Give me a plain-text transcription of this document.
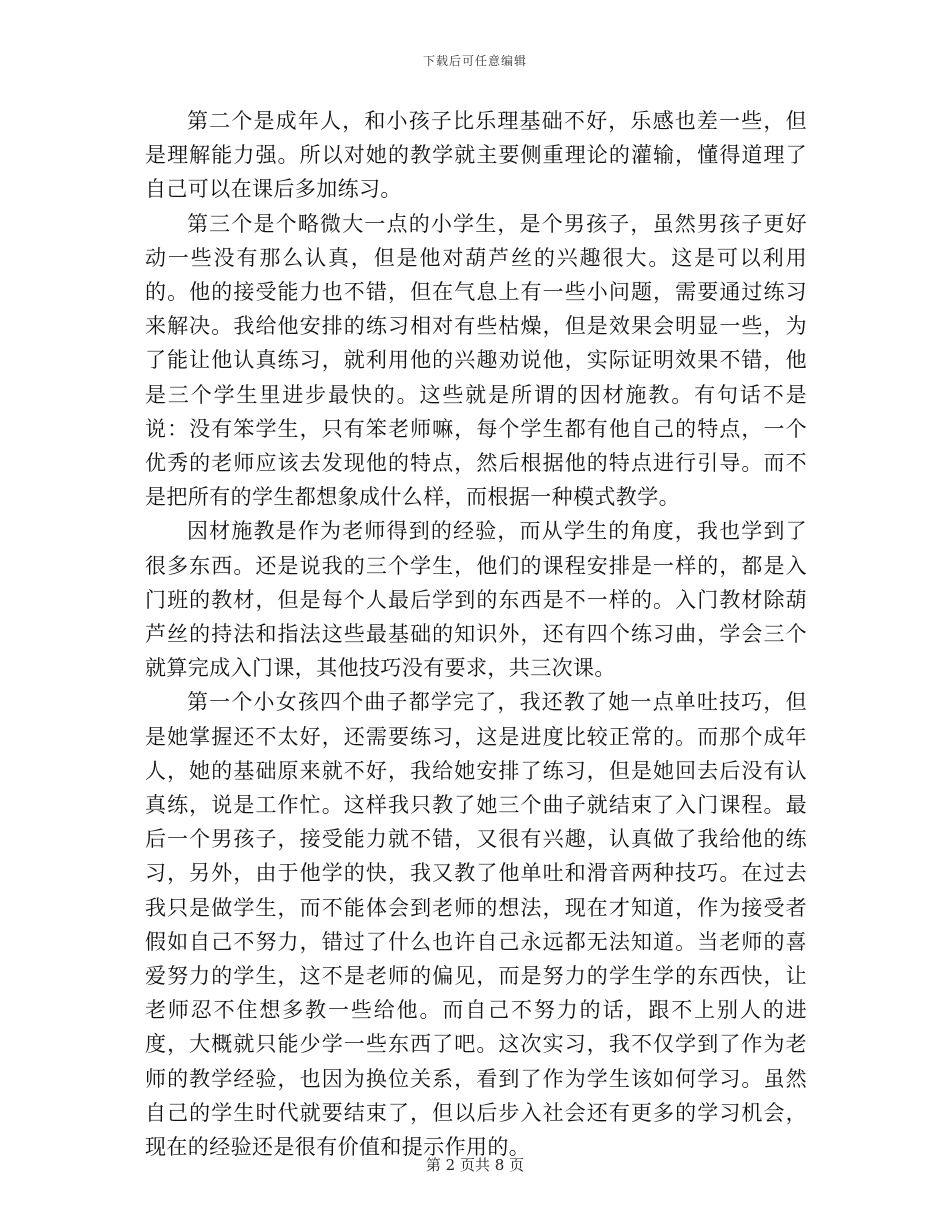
下载后可任意编辑

第二个是成年人，和小孩子比乐理基础不好，乐感也差一些，但是理解能力强。所以对她的教学就主要侧重理论的灌输，懂得道理了自己可以在课后多加练习。

第三个是个略微大一点的小学生，是个男孩子，虽然男孩子更好动一些没有那么认真，但是他对葫芦丝的兴趣很大。这是可以利用的。他的接受能力也不错，但在气息上有一些小问题，需要通过练习来解决。我给他安排的练习相对有些枯燥，但是效果会明显一些，为了能让他认真练习，就利用他的兴趣劝说他，实际证明效果不错，他是三个学生里进步最快的。这些就是所谓的因材施教。有句话不是说：没有笨学生，只有笨老师嘛，每个学生都有他自己的特点，一个优秀的老师应该去发现他的特点，然后根据他的特点进行引导。而不是把所有的学生都想象成什么样，而根据一种模式教学。

因材施教是作为老师得到的经验，而从学生的角度，我也学到了很多东西。还是说我的三个学生，他们的课程安排是一样的，都是入门班的教材，但是每个人最后学到的东西是不一样的。入门教材除葫芦丝的持法和指法这些最基础的知识外，还有四个练习曲，学会三个就算完成入门课，其他技巧没有要求，共三次课。

第一个小女孩四个曲子都学完了，我还教了她一点单吐技巧，但是她掌握还不太好，还需要练习，这是进度比较正常的。而那个成年人，她的基础原来就不好，我给她安排了练习，但是她回去后没有认真练，说是工作忙。这样我只教了她三个曲子就结束了入门课程。最后一个男孩子，接受能力就不错，又很有兴趣，认真做了我给他的练习，另外，由于他学的快，我又教了他单吐和滑音两种技巧。在过去我只是做学生，而不能体会到老师的想法，现在才知道，作为接受者假如自己不努力，错过了什么也许自己永远都无法知道。当老师的喜爱努力的学生，这不是老师的偏见，而是努力的学生学的东西快，让老师忍不住想多教一些给他。而自己不努力的话，跟不上别人的进度，大概就只能少学一些东西了吧。这次实习，我不仅学到了作为老师的教学经验，也因为换位关系，看到了作为学生该如何学习。虽然自己的学生时代就要结束了，但以后步入社会还有更多的学习机会，现在的经验还是很有价值和提示作用的。

第 2 页共 8 页
